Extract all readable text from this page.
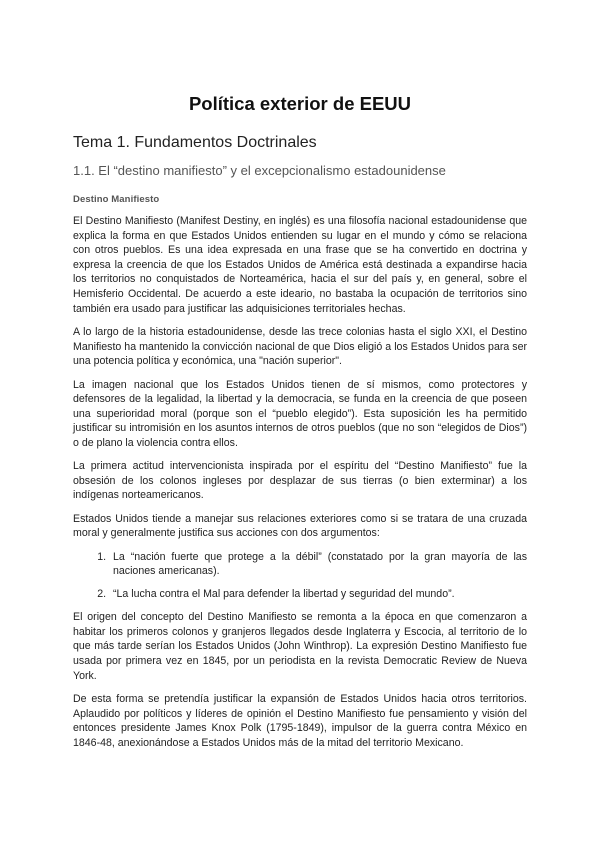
Política exterior de EEUU
Tema 1. Fundamentos Doctrinales
1.1. El “destino manifiesto” y el excepcionalismo estadounidense
Destino Manifiesto

El Destino Manifiesto (Manifest Destiny, en inglés) es una filosofía nacional estadounidense que explica la forma en que Estados Unidos entienden su lugar en el mundo y cómo se relaciona con otros pueblos. Es una idea expresada en una frase que se ha convertido en doctrina y expresa la creencia de que los Estados Unidos de América está destinada a expandirse hacia los territorios no conquistados de Norteamérica, hacia el sur del país y, en general, sobre el Hemisferio Occidental. De acuerdo a este ideario, no bastaba la ocupación de territorios sino también era usado para justificar las adquisiciones territoriales hechas.

A lo largo de la historia estadounidense, desde las trece colonias hasta el siglo XXI, el Destino Manifiesto ha mantenido la convicción nacional de que Dios eligió a los Estados Unidos para ser una potencia política y económica, una "nación superior".

La imagen nacional que los Estados Unidos tienen de sí mismos, como protectores y defensores de la legalidad, la libertad y la democracia, se funda en la creencia de que poseen una superioridad moral (porque son el “pueblo elegido”). Esta suposición les ha permitido justificar su intromisión en los asuntos internos de otros pueblos (que no son “elegidos de Dios”) o de plano la violencia contra ellos.

La primera actitud intervencionista inspirada por el espíritu del “Destino Manifiesto” fue la obsesión de los colonos ingleses por desplazar de sus tierras (o bien exterminar) a los indígenas norteamericanos.

Estados Unidos tiende a manejar sus relaciones exteriores como si se tratara de una cruzada moral y generalmente justifica sus acciones con dos argumentos:

1. La “nación fuerte que protege a la débil” (constatado por la gran mayoría de las naciones americanas).
2. “La lucha contra el Mal para defender la libertad y seguridad del mundo”.

El origen del concepto del Destino Manifiesto se remonta a la época en que comenzaron a habitar los primeros colonos y granjeros llegados desde Inglaterra y Escocia, al territorio de lo que más tarde serían los Estados Unidos (John Winthrop). La expresión Destino Manifiesto fue usada por primera vez en 1845, por un periodista en la revista Democratic Review de Nueva York.

De esta forma se pretendía justificar la expansión de Estados Unidos hacia otros territorios. Aplaudido por políticos y líderes de opinión el Destino Manifiesto fue pensamiento y visión del entonces presidente James Knox Polk (1795-1849), impulsor de la guerra contra México en 1846-48, anexionándose a Estados Unidos más de la mitad del territorio Mexicano.
